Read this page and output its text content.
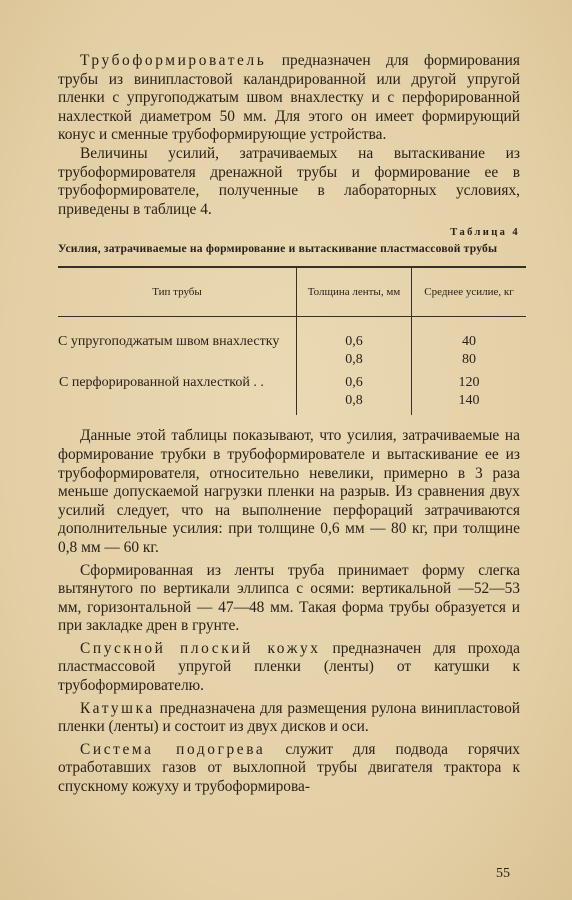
Трубоформирователь предназначен для формирования трубы из винипластовой каландрированной или другой упругой пленки с упругоподжатым швом внахлестку и с перфорированной нахлесткой диаметром 50 мм. Для этого он имеет формирующий конус и сменные трубоформирующие устройства.

Величины усилий, затрачиваемых на вытаскивание из трубоформирователя дренажной трубы и формирование ее в трубоформирователе, полученные в лабораторных условиях, приведены в таблице 4.

Таблица 4
Усилия, затрачиваемые на формирование и вытаскивание пластмассовой трубы
Тип трубы	Толщина ленты, мм	Среднее усилие, кг

С упругоподжатым швом внахлестку	0,6	40
	0,8	80
С перфорированной нахлесткой . .	0,6	120
	0,8	140

Данные этой таблицы показывают, что усилия, затрачиваемые на формирование трубки в трубоформирователе и вытаскивание ее из трубоформирователя, относительно невелики, примерно в 3 раза меньше допускаемой нагрузки пленки на разрыв. Из сравнения двух усилий следует, что на выполнение перфораций затрачиваются дополнительные усилия: при толщине 0,6 мм — 80 кг, при толщине 0,8 мм — 60 кг.

Сформированная из ленты труба принимает форму слегка вытянутого по вертикали эллипса с осями: вертикальной —52—53 мм, горизонтальной — 47—48 мм. Такая форма трубы образуется и при закладке дрен в грунте.

Спускной плоский кожух предназначен для прохода пластмассовой упругой пленки (ленты) от катушки к трубоформирователю.

Катушка предназначена для размещения рулона винипластовой пленки (ленты) и состоит из двух дисков и оси.

Система подогрева служит для подвода горячих отработавших газов от выхлопной трубы двигателя трактора к спускному кожуху и трубоформирова-

55
